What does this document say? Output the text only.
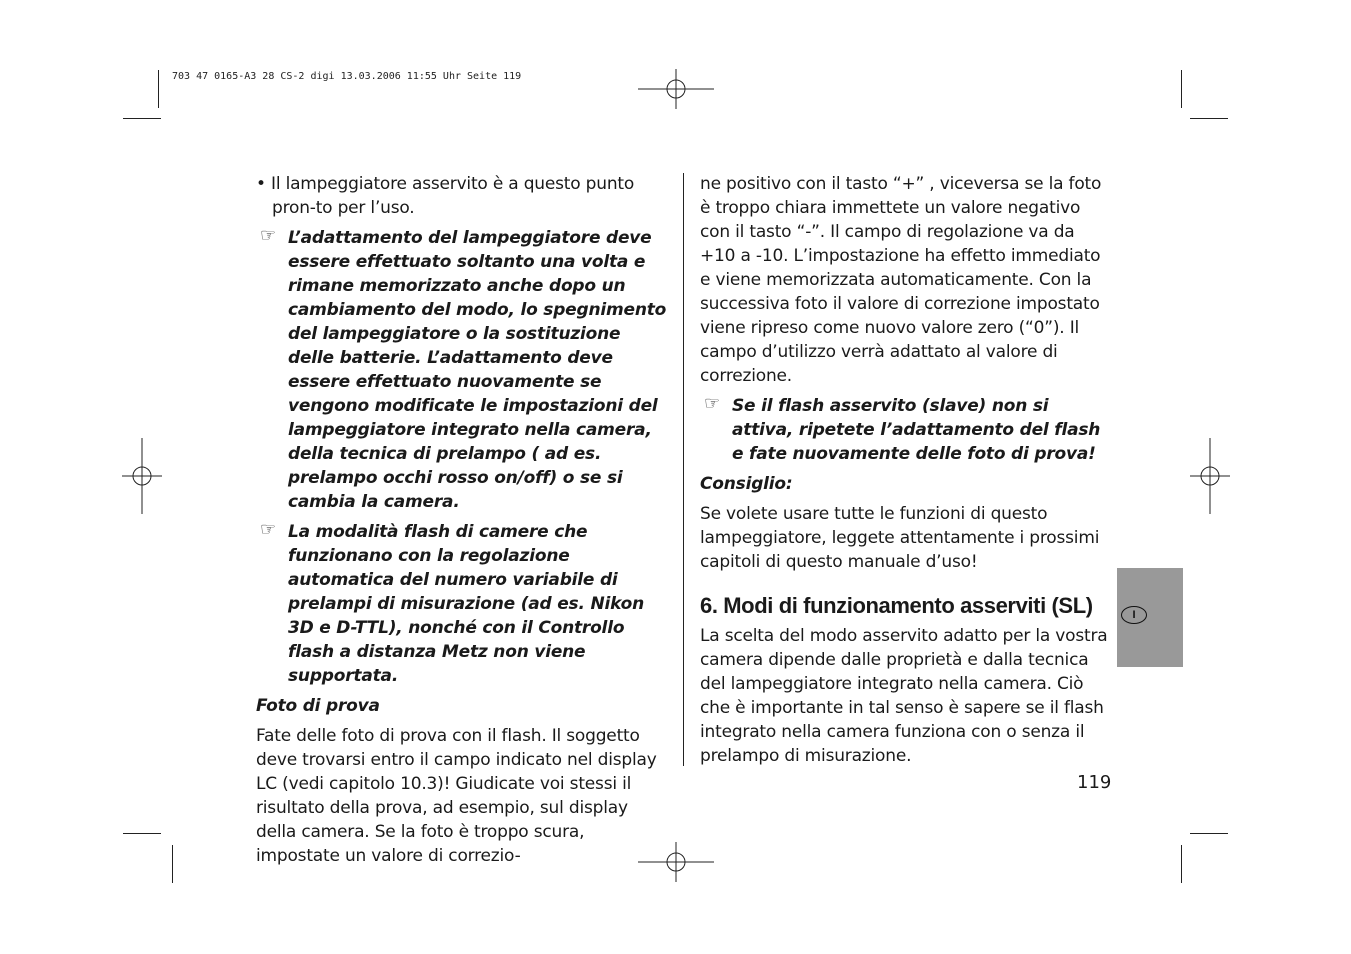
703 47 0165-A3 28 CS-2 digi 13.03.2006 11:55 Uhr Seite 119

• Il lampeggiatore asservito è a questo punto pron-to per l’uso.

☞ L’adattamento del lampeggiatore deve essere effettuato soltanto una volta e rimane memorizzato anche dopo un cambiamento del modo, lo spegnimento del lampeggiatore o la sostituzione delle batterie. L’adattamento deve essere effettuato nuovamente se vengono modificate le impostazioni del lampeggiatore integrato nella camera, della tecnica di prelampo ( ad es. prelampo occhi rosso on/off) o se si cambia la camera.
☞ La modalità flash di camere che funzionano con la regolazione automatica del numero variabile di prelampi di misurazione (ad es. Nikon 3D e D-TTL), nonché con il Controllo flash a distanza Metz non viene supportata.

Foto di prova

Fate delle foto di prova con il flash. Il soggetto deve trovarsi entro il campo indicato nel display LC (vedi capitolo 10.3)! Giudicate voi stessi il risultato della prova, ad esempio, sul display della camera. Se la foto è troppo scura, impostate un valore di correzio-

ne positivo con il tasto “+” , viceversa se la foto è troppo chiara immettete un valore negativo con il tasto “-”. Il campo di regolazione va da +10 a -10. L’impostazione ha effetto immediato e viene memorizzata automaticamente. Con la successiva foto il valore di correzione impostato viene ripreso come nuovo valore zero (“0”). Il campo d’utilizzo verrà adattato al valore di correzione.

☞ Se il flash asservito (slave) non si attiva, ripetete l’adattamento del flash e fate nuovamente delle foto di prova!

Consiglio:

Se volete usare tutte le funzioni di questo lampeggiatore, leggete attentamente i prossimi capitoli di questo manuale d’uso!

6. Modi di funzionamento asserviti (SL)

La scelta del modo asservito adatto per la vostra camera dipende dalle proprietà e dalla tecnica del lampeggiatore integrato nella camera. Ciò che è importante in tal senso è sapere se il flash integrato nella camera funziona con o senza il prelampo di misurazione.

I
119
